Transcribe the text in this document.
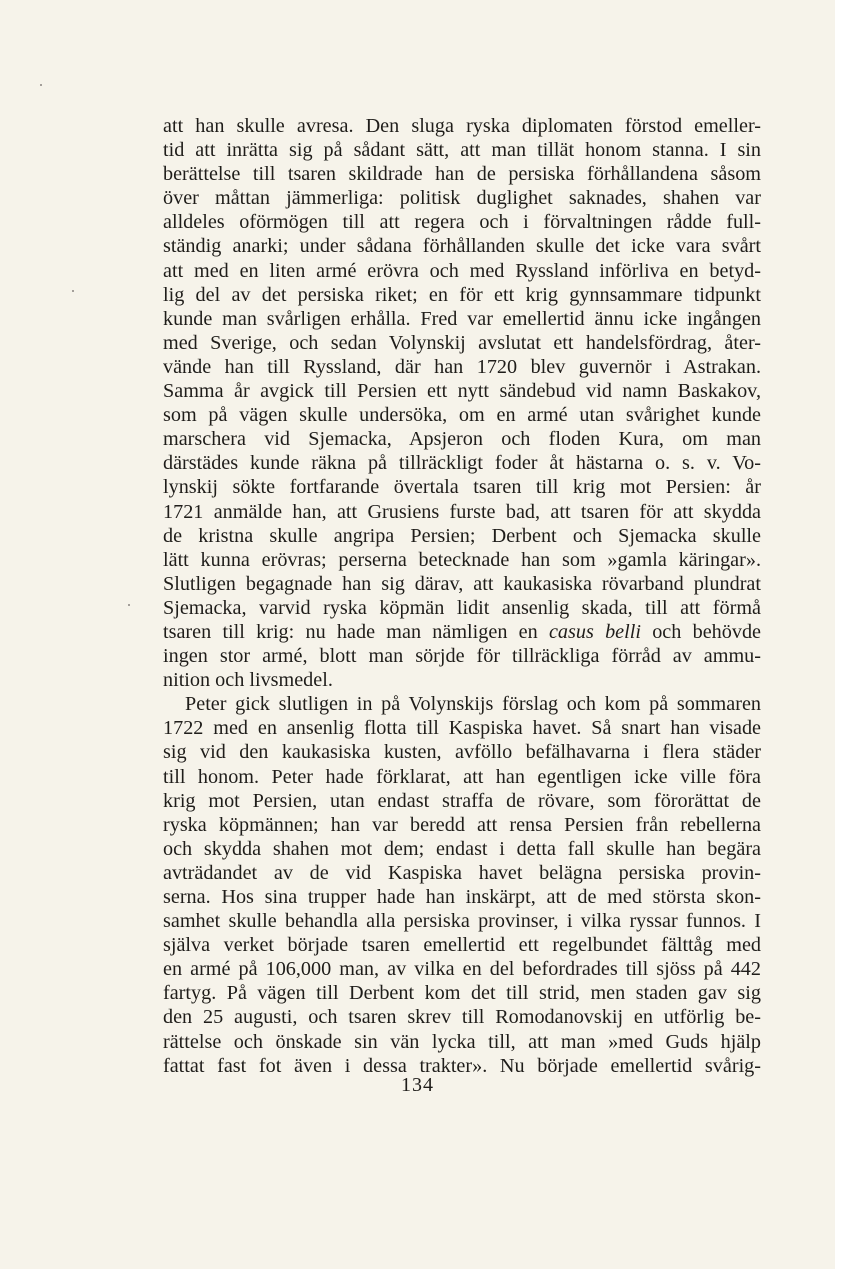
att han skulle avresa. Den sluga ryska diplomaten förstod emeller-
tid att inrätta sig på sådant sätt, att man tillät honom stanna. I sin
berättelse till tsaren skildrade han de persiska förhållandena såsom
över måttan jämmerliga: politisk duglighet saknades, shahen var
alldeles oförmögen till att regera och i förvaltningen rådde full-
ständig anarki; under sådana förhållanden skulle det icke vara svårt
att med en liten armé erövra och med Ryssland införliva en betyd-
lig del av det persiska riket; en för ett krig gynnsammare tidpunkt
kunde man svårligen erhålla. Fred var emellertid ännu icke ingången
med Sverige, och sedan Volynskij avslutat ett handelsfördrag, åter-
vände han till Ryssland, där han 1720 blev guvernör i Astrakan.
Samma år avgick till Persien ett nytt sändebud vid namn Baskakov,
som på vägen skulle undersöka, om en armé utan svårighet kunde
marschera vid Sjemacka, Apsjeron och floden Kura, om man
därstädes kunde räkna på tillräckligt foder åt hästarna o. s. v. Vo-
lynskij sökte fortfarande övertala tsaren till krig mot Persien: år
1721 anmälde han, att Grusiens furste bad, att tsaren för att skydda
de kristna skulle angripa Persien; Derbent och Sjemacka skulle
lätt kunna erövras; perserna betecknade han som »gamla käringar».
Slutligen begagnade han sig därav, att kaukasiska rövarband plundrat
Sjemacka, varvid ryska köpmän lidit ansenlig skada, till att förmå
tsaren till krig: nu hade man nämligen en casus belli och behövde
ingen stor armé, blott man sörjde för tillräckliga förråd av ammu-
nition och livsmedel.
Peter gick slutligen in på Volynskijs förslag och kom på sommaren
1722 med en ansenlig flotta till Kaspiska havet. Så snart han visade
sig vid den kaukasiska kusten, avföllo befälhavarna i flera städer
till honom. Peter hade förklarat, att han egentligen icke ville föra
krig mot Persien, utan endast straffa de rövare, som förorättat de
ryska köpmännen; han var beredd att rensa Persien från rebellerna
och skydda shahen mot dem; endast i detta fall skulle han begära
avträdandet av de vid Kaspiska havet belägna persiska provin-
serna. Hos sina trupper hade han inskärpt, att de med största skon-
samhet skulle behandla alla persiska provinser, i vilka ryssar funnos. I
själva verket började tsaren emellertid ett regelbundet fälttåg med
en armé på 106,000 man, av vilka en del befordrades till sjöss på 442
fartyg. På vägen till Derbent kom det till strid, men staden gav sig
den 25 augusti, och tsaren skrev till Romodanovskij en utförlig be-
rättelse och önskade sin vän lycka till, att man »med Guds hjälp
fattat fast fot även i dessa trakter». Nu började emellertid svårig-
134
